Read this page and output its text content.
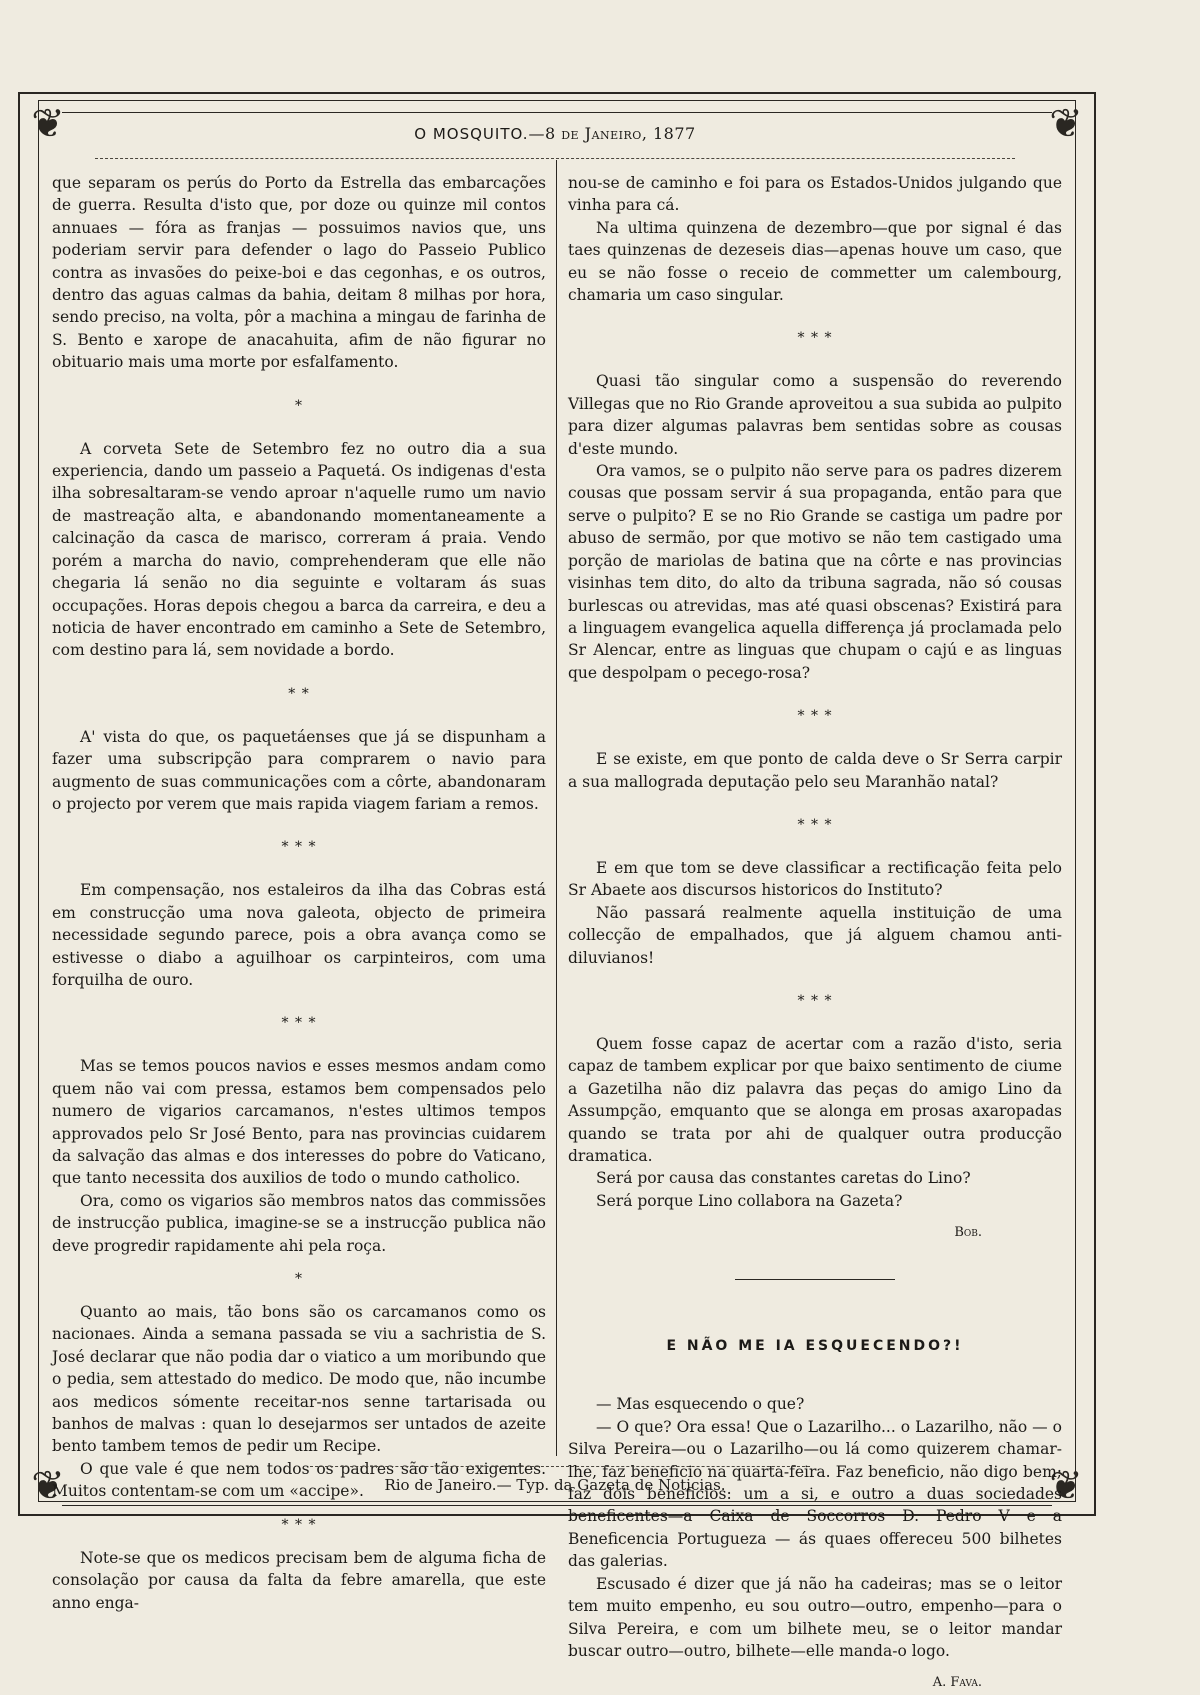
❦	❦
❦	❦
O MOSQUITO.—8 de Janeiro, 1877

que separam os perús do Porto da Estrella das embarcações de guerra. Resulta d'isto que, por doze ou quinze mil contos annuaes — fóra as franjas — possuimos navios que, uns poderiam servir para defender o lago do Passeio Publico contra as invasões do peixe-boi e das cegonhas, e os outros, dentro das aguas calmas da bahia, deitam 8 milhas por hora, sendo preciso, na volta, pôr a machina a mingau de farinha de S. Bento e xarope de anacahuita, afim de não figurar no obituario mais uma morte por esfalfamento.

*

A corveta Sete de Setembro fez no outro dia a sua experiencia, dando um passeio a Paquetá. Os indigenas d'esta ilha sobresaltaram-se vendo aproar n'aquelle rumo um navio de mastreação alta, e abandonando momentaneamente a calcinação da casca de marisco, correram á praia. Vendo porém a marcha do navio, comprehenderam que elle não chegaria lá senão no dia seguinte e voltaram ás suas occupações. Horas depois chegou a barca da carreira, e deu a noticia de haver encontrado em caminho a Sete de Setembro, com destino para lá, sem novidade a bordo.

* *

A' vista do que, os paquetáenses que já se dispunham a fazer uma subscripção para comprarem o navio para augmento de suas communicações com a côrte, abandonaram o projecto por verem que mais rapida viagem fariam a remos.

* * *

Em compensação, nos estaleiros da ilha das Cobras está em construcção uma nova galeota, objecto de primeira necessidade segundo parece, pois a obra avança como se estivesse o diabo a aguilhoar os carpinteiros, com uma forquilha de ouro.

* * *

Mas se temos poucos navios e esses mesmos andam como quem não vai com pressa, estamos bem compensados pelo numero de vigarios carcamanos, n'estes ultimos tempos approvados pelo Sr José Bento, para nas provincias cuidarem da salvação das almas e dos interesses do pobre do Vaticano, que tanto necessita dos auxilios de todo o mundo catholico.

Ora, como os vigarios são membros natos das commissões de instrucção publica, imagine-se se a instrucção publica não deve progredir rapidamente ahi pela roça.

*

Quanto ao mais, tão bons são os carcamanos como os nacionaes. Ainda a semana passada se viu a sachristia de S. José declarar que não podia dar o viatico a um moribundo que o pedia, sem attestado do medico. De modo que, não incumbe aos medicos sómente receitar-nos senne tartarisada ou banhos de malvas : quan lo desejarmos ser untados de azeite bento tambem temos de pedir um Recipe.

O que vale é que nem todos os padres são tão exigentes. Muitos contentam-se com um «accipe».

* * *

Note-se que os medicos precisam bem de alguma ficha de consolação por causa da falta da febre amarella, que este anno enga-

nou-se de caminho e foi para os Estados-Unidos julgando que vinha para cá.

Na ultima quinzena de dezembro—que por signal é das taes quinzenas de dezeseis dias—apenas houve um caso, que eu se não fosse o receio de commetter um calembourg, chamaria um caso singular.

* * *

Quasi tão singular como a suspensão do reverendo Villegas que no Rio Grande aproveitou a sua subida ao pulpito para dizer algumas palavras bem sentidas sobre as cousas d'este mundo.

Ora vamos, se o pulpito não serve para os padres dizerem cousas que possam servir á sua propaganda, então para que serve o pulpito? E se no Rio Grande se castiga um padre por abuso de sermão, por que motivo se não tem castigado uma porção de mariolas de batina que na côrte e nas provincias visinhas tem dito, do alto da tribuna sagrada, não só cousas burlescas ou atrevidas, mas até quasi obscenas? Existirá para a linguagem evangelica aquella differença já proclamada pelo Sr Alencar, entre as linguas que chupam o cajú e as linguas que despolpam o pecego-rosa?

* * *

E se existe, em que ponto de calda deve o Sr Serra carpir a sua mallograda deputação pelo seu Maranhão natal?

* * *

E em que tom se deve classificar a rectificação feita pelo Sr Abaete aos discursos historicos do Instituto?

Não passará realmente aquella instituição de uma collecção de empalhados, que já alguem chamou anti-diluvianos!

* * *

Quem fosse capaz de acertar com a razão d'isto, seria capaz de tambem explicar por que baixo sentimento de ciume a Gazetilha não diz palavra das peças do amigo Lino da Assumpção, emquanto que se alonga em prosas axaropadas quando se trata por ahi de qualquer outra producção dramatica.

Será por causa das constantes caretas do Lino?

Será porque Lino collabora na Gazeta?

Bob.
E NÃO ME IA ESQUECENDO?!

— Mas esquecendo o que?

— O que? Ora essa! Que o Lazarilho... o Lazarilho, não — o Silva Pereira—ou o Lazarilho—ou lá como quizerem chamar-lhe, faz beneficio na quarta-feira. Faz beneficio, não digo bem; faz dois beneficios: um a si, e outro a duas sociedades beneficentes—a Caixa de Soccorros D. Pedro V e a Beneficencia Portugueza — ás quaes offereceu 500 bilhetes das galerias.

Escusado é dizer que já não ha cadeiras; mas se o leitor tem muito empenho, eu sou outro—outro, empenho—para o Silva Pereira, e com um bilhete meu, se o leitor mandar buscar outro—outro, bilhete—elle manda-o logo.

A. Fava.
Rio de Janeiro.— Typ. da Gazeta de Noticias.
